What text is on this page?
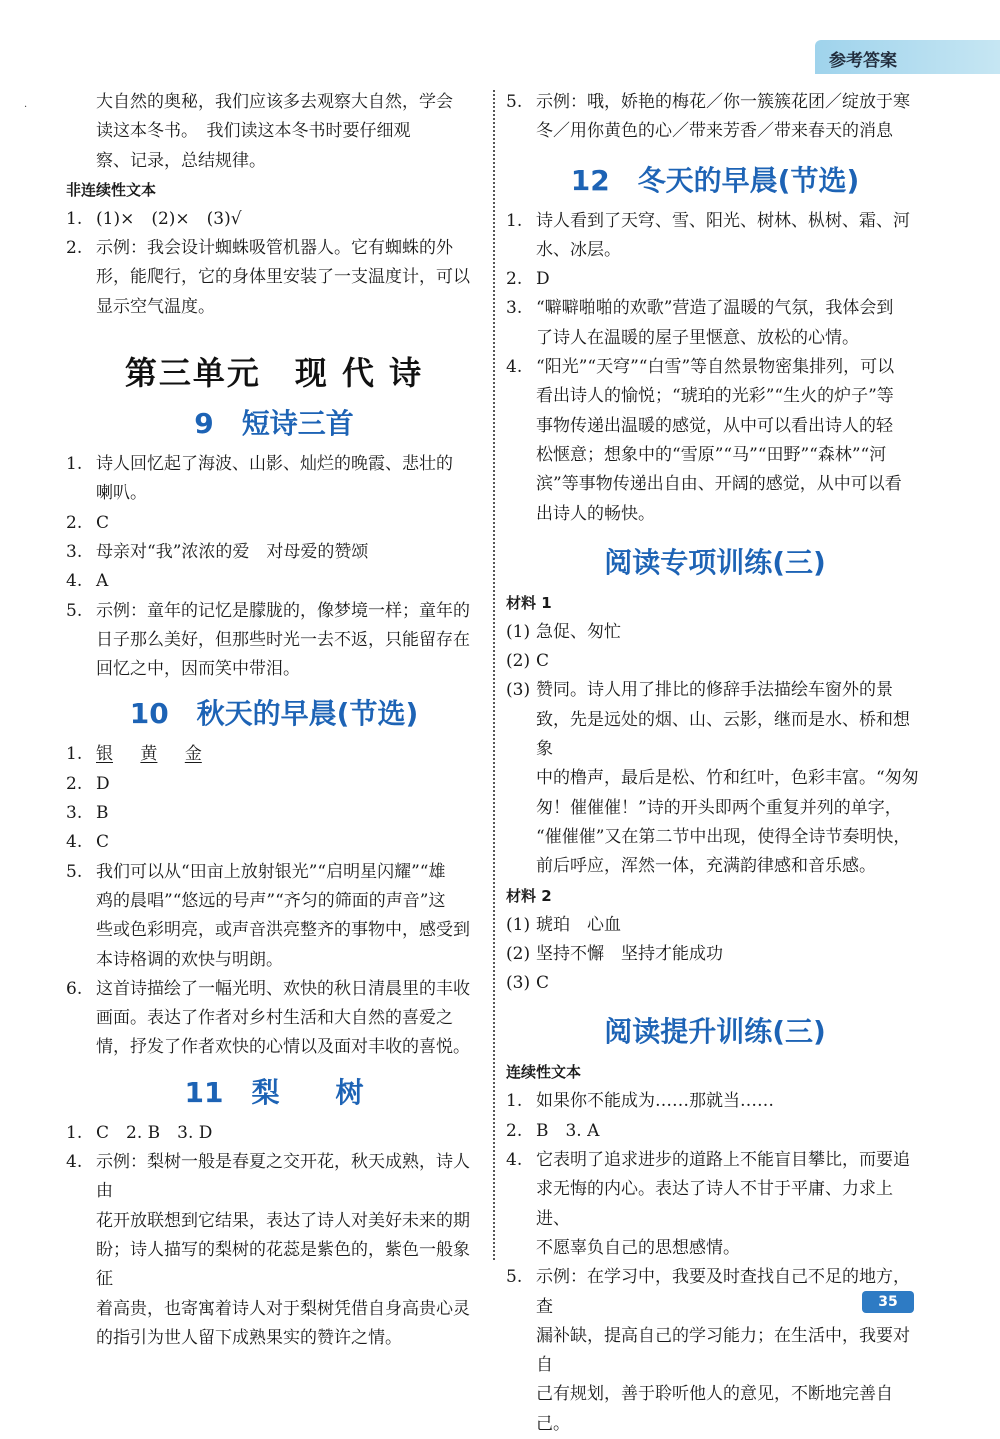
参考答案
·	大自然的奥秘，我们应该多去观察大自然，学会

读这本冬书。　我们读这本冬书时要仔细观

察、记录，总结规律。

非连续性文本

1. (1)×　(2)×　(3)√
2. 示例：我会设计蜘蛛吸管机器人。它有蜘蛛的外
形，能爬行，它的身体里安装了一支温度计，可以
显示空气温度。
第三单元　现 代 诗
9　短诗三首
1. 诗人回忆起了海波、山影、灿烂的晚霞、悲壮的
喇叭。
2. C
3. 母亲对“我”浓浓的爱　对母爱的赞颂
4. A
5. 示例：童年的记忆是朦胧的，像梦境一样；童年的
日子那么美好，但那些时光一去不返，只能留存在
回忆之中，因而笑中带泪。
10　秋天的早晨(节选)
1. 银 黄 金
2. D
3. B
4. C
5. 我们可以从“田亩上放射银光”“启明星闪耀”“雄
鸡的晨唱”“悠远的号声”“齐匀的筛面的声音”这
些或色彩明亮，或声音洪亮整齐的事物中，感受到
本诗格调的欢快与明朗。
6. 这首诗描绘了一幅光明、欢快的秋日清晨里的丰收
画面。表达了作者对乡村生活和大自然的喜爱之
情，抒发了作者欢快的心情以及面对丰收的喜悦。
11　梨　　树
1. C　2. B　3. D
4. 示例：梨树一般是春夏之交开花，秋天成熟，诗人由
花开放联想到它结果，表达了诗人对美好未来的期
盼；诗人描写的梨树的花蕊是紫色的，紫色一般象征
着高贵，也寄寓着诗人对于梨树凭借自身高贵心灵
的指引为世人留下成熟果实的赞许之情。
5. 示例：哦，娇艳的梅花／你一簇簇花团／绽放于寒
冬／用你黄色的心／带来芳香／带来春天的消息
12　冬天的早晨(节选)
1. 诗人看到了天穹、雪、阳光、树林、枞树、霜、河水、冰层。
2. D
3. “噼噼啪啪的欢歌”营造了温暖的气氛，我体会到
了诗人在温暖的屋子里惬意、放松的心情。
4. “阳光”“天穹”“白雪”等自然景物密集排列，可以
看出诗人的愉悦；“琥珀的光彩”“生火的炉子”等
事物传递出温暖的感觉，从中可以看出诗人的轻
松惬意；想象中的“雪原”“马”“田野”“森林”“河
滨”等事物传递出自由、开阔的感觉，从中可以看
出诗人的畅快。
阅读专项训练(三)

材料 1

(1) 急促、匆忙
(2) C
(3) 赞同。诗人用了排比的修辞手法描绘车窗外的景
致，先是远处的烟、山、云影，继而是水、桥和想象
中的橹声，最后是松、竹和红叶，色彩丰富。“匆匆
匆！催催催！”诗的开头即两个重复并列的单字，
“催催催”又在第二节中出现，使得全诗节奏明快，
前后呼应，浑然一体，充满韵律感和音乐感。

材料 2

(1) 琥珀　心血
(2) 坚持不懈　坚持才能成功
(3) C
阅读提升训练(三)

连续性文本

1. 如果你不能成为……那就当……
2. B　3. A
4. 它表明了追求进步的道路上不能盲目攀比，而要追
求无悔的内心。表达了诗人不甘于平庸、力求上进、
不愿辜负自己的思想感情。
5. 示例：在学习中，我要及时查找自己不足的地方，查
漏补缺，提高自己的学习能力；在生活中，我要对自
己有规划，善于聆听他人的意见，不断地完善自己。
35
